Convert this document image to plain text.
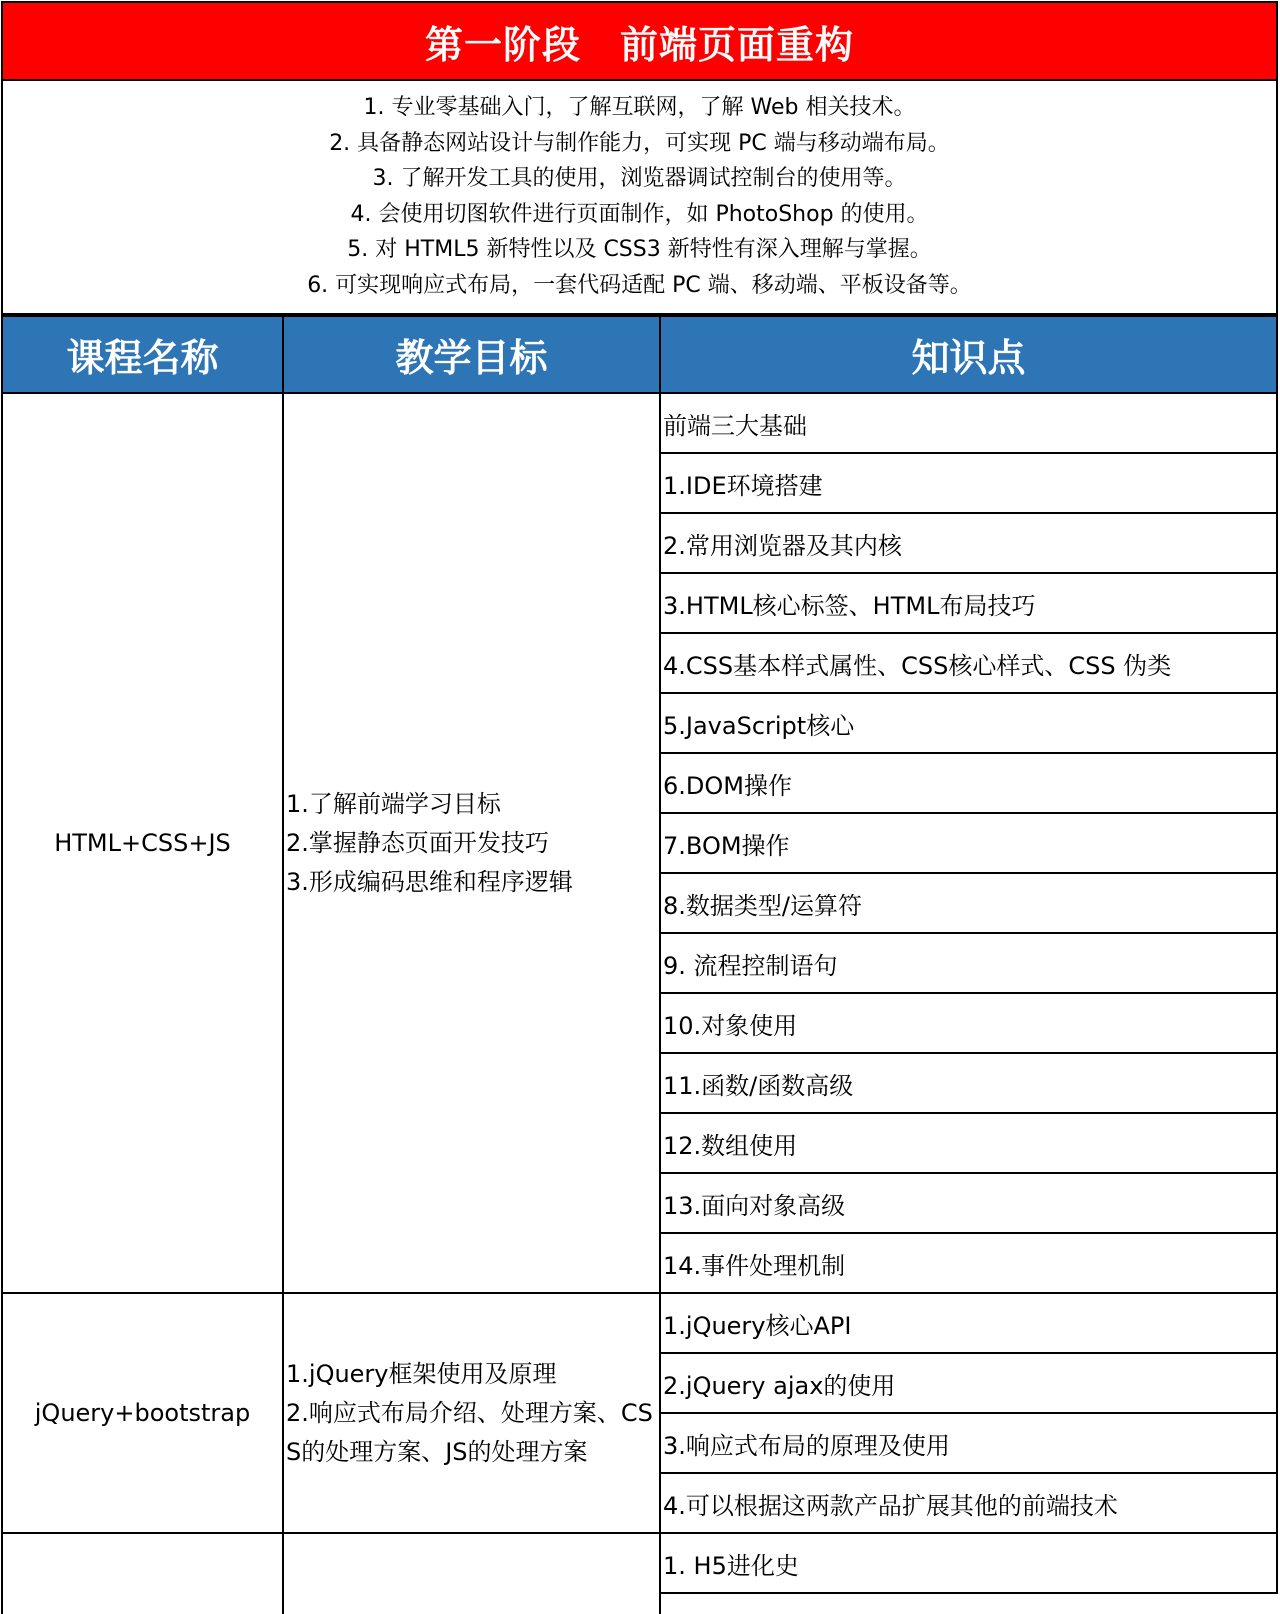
第一阶段　前端页面重构
1. 专业零基础入门，了解互联网，了解 Web 相关技术。
2. 具备静态网站设计与制作能力，可实现 PC 端与移动端布局。
3. 了解开发工具的使用，浏览器调试控制台的使用等。
4. 会使用切图软件进行页面制作，如 PhotoShop 的使用。
5. 对 HTML5 新特性以及 CSS3 新特性有深入理解与掌握。
6. 可实现响应式布局，一套代码适配 PC 端、移动端、平板设备等。
课程名称	教学目标	知识点
HTML+CSS+JS
1.了解前端学习目标
2.掌握静态页面开发技巧
3.形成编码思维和程序逻辑
前端三大基础
1.IDE环境搭建
2.常用浏览器及其内核
3.HTML核心标签、HTML布局技巧
4.CSS基本样式属性、CSS核心样式、CSS 伪类
5.JavaScript核心
6.DOM操作
7.BOM操作
8.数据类型/运算符
9. 流程控制语句
10.对象使用
11.函数/函数高级
12.数组使用
13.面向对象高级
14.事件处理机制
jQuery+bootstrap
1.jQuery框架使用及原理
2.响应式布局介绍、处理方案、CSS的处理方案、JS的处理方案
1.jQuery核心API
2.jQuery ajax的使用
3.响应式布局的原理及使用
4.可以根据这两款产品扩展其他的前端技术
1. H5进化史
